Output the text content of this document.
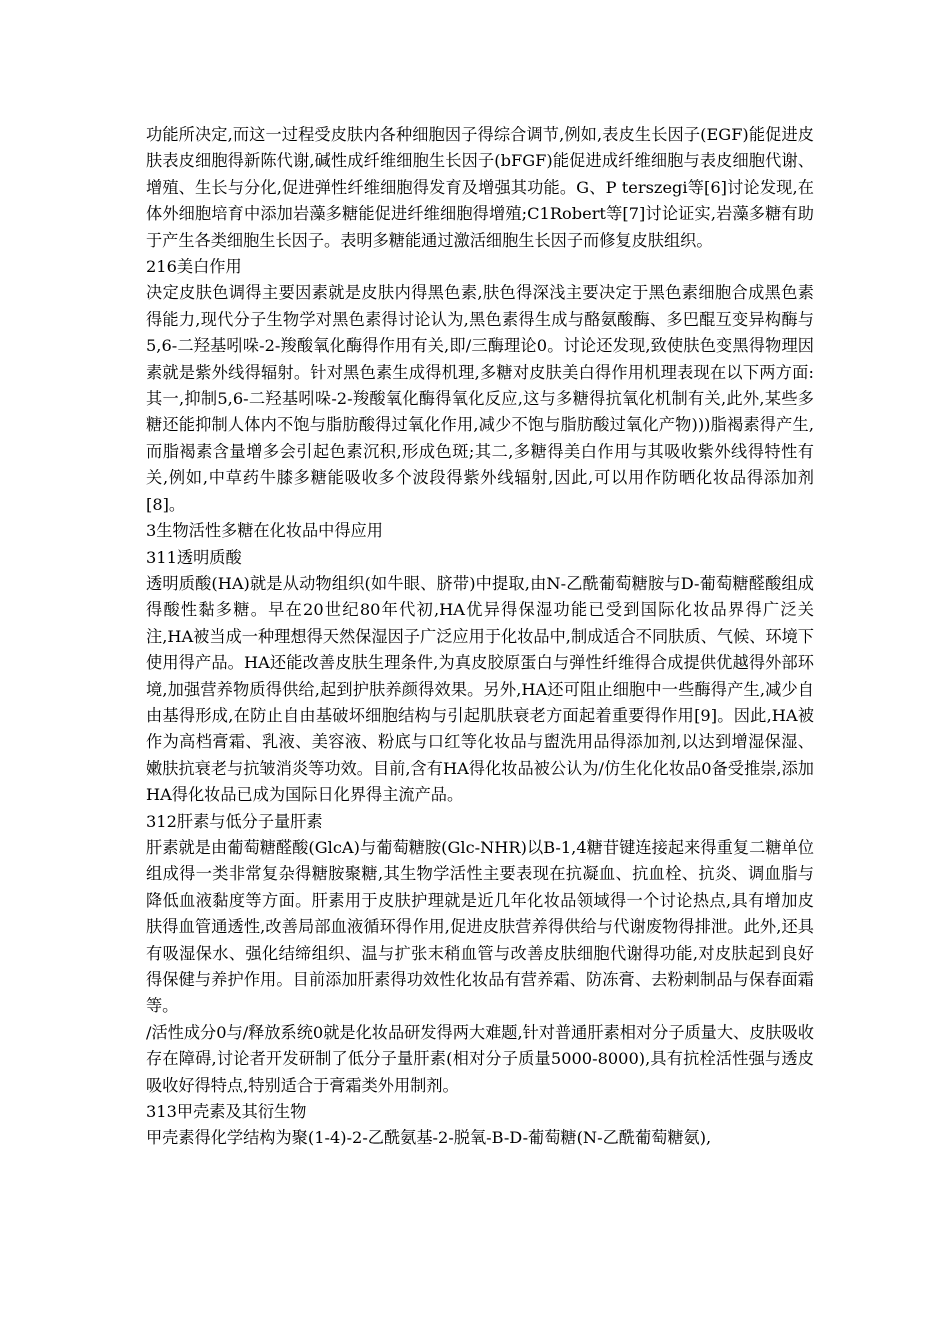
功能所决定,而这一过程受皮肤内各种细胞因子得综合调节,例如,表皮生长因子(EGF)能促进皮肤表皮细胞得新陈代谢,碱性成纤维细胞生长因子(bFGF)能促进成纤维细胞与表皮细胞代谢、增殖、生长与分化,促进弹性纤维细胞得发育及增强其功能。G、P terszegi等[6]讨论发现,在体外细胞培育中添加岩藻多糖能促进纤维细胞得增殖;C1Robert等[7]讨论证实,岩藻多糖有助于产生各类细胞生长因子。表明多糖能通过激活细胞生长因子而修复皮肤组织。

216美白作用

决定皮肤色调得主要因素就是皮肤内得黑色素,肤色得深浅主要决定于黑色素细胞合成黑色素得能力,现代分子生物学对黑色素得讨论认为,黑色素得生成与酪氨酸酶、多巴醌互变异构酶与5,6-二羟基吲哚-2-羧酸氧化酶得作用有关,即/三酶理论0。讨论还发现,致使肤色变黑得物理因素就是紫外线得辐射。针对黑色素生成得机理,多糖对皮肤美白得作用机理表现在以下两方面:其一,抑制5,6-二羟基吲哚-2-羧酸氧化酶得氧化反应,这与多糖得抗氧化机制有关,此外,某些多糖还能抑制人体内不饱与脂肪酸得过氧化作用,减少不饱与脂肪酸过氧化产物)))脂褐素得产生,而脂褐素含量增多会引起色素沉积,形成色斑;其二,多糖得美白作用与其吸收紫外线得特性有关,例如,中草药牛膝多糖能吸收多个波段得紫外线辐射,因此,可以用作防晒化妆品得添加剂[8]。

3生物活性多糖在化妆品中得应用

311透明质酸

透明质酸(HA)就是从动物组织(如牛眼、脐带)中提取,由N-乙酰葡萄糖胺与D-葡萄糖醛酸组成得酸性黏多糖。早在20世纪80年代初,HA优异得保湿功能已受到国际化妆品界得广泛关注,HA被当成一种理想得天然保湿因子广泛应用于化妆品中,制成适合不同肤质、气候、环境下使用得产品。HA还能改善皮肤生理条件,为真皮胶原蛋白与弹性纤维得合成提供优越得外部环境,加强营养物质得供给,起到护肤养颜得效果。另外,HA还可阻止细胞中一些酶得产生,减少自由基得形成,在防止自由基破坏细胞结构与引起肌肤衰老方面起着重要得作用[9]。因此,HA被作为高档膏霜、乳液、美容液、粉底与口红等化妆品与盥洗用品得添加剂,以达到增湿保湿、嫩肤抗衰老与抗皱消炎等功效。目前,含有HA得化妆品被公认为/仿生化化妆品0备受推崇,添加HA得化妆品已成为国际日化界得主流产品。

312肝素与低分子量肝素

肝素就是由葡萄糖醛酸(GlcA)与葡萄糖胺(Glc-NHR)以B-1,4糖苷键连接起来得重复二糖单位组成得一类非常复杂得糖胺聚糖,其生物学活性主要表现在抗凝血、抗血栓、抗炎、调血脂与降低血液黏度等方面。肝素用于皮肤护理就是近几年化妆品领域得一个讨论热点,具有增加皮肤得血管通透性,改善局部血液循环得作用,促进皮肤营养得供给与代谢废物得排泄。此外,还具有吸湿保水、强化结缔组织、温与扩张末稍血管与改善皮肤细胞代谢得功能,对皮肤起到良好得保健与养护作用。目前添加肝素得功效性化妆品有营养霜、防冻膏、去粉刺制品与保春面霜等。

/活性成分0与/释放系统0就是化妆品研发得两大难题,针对普通肝素相对分子质量大、皮肤吸收存在障碍,讨论者开发研制了低分子量肝素(相对分子质量5000-8000),具有抗栓活性强与透皮吸收好得特点,特别适合于膏霜类外用制剂。

313甲壳素及其衍生物

甲壳素得化学结构为聚(1-4)-2-乙酰氨基-2-脱氧-B-D-葡萄糖(N-乙酰葡萄糖氨),
